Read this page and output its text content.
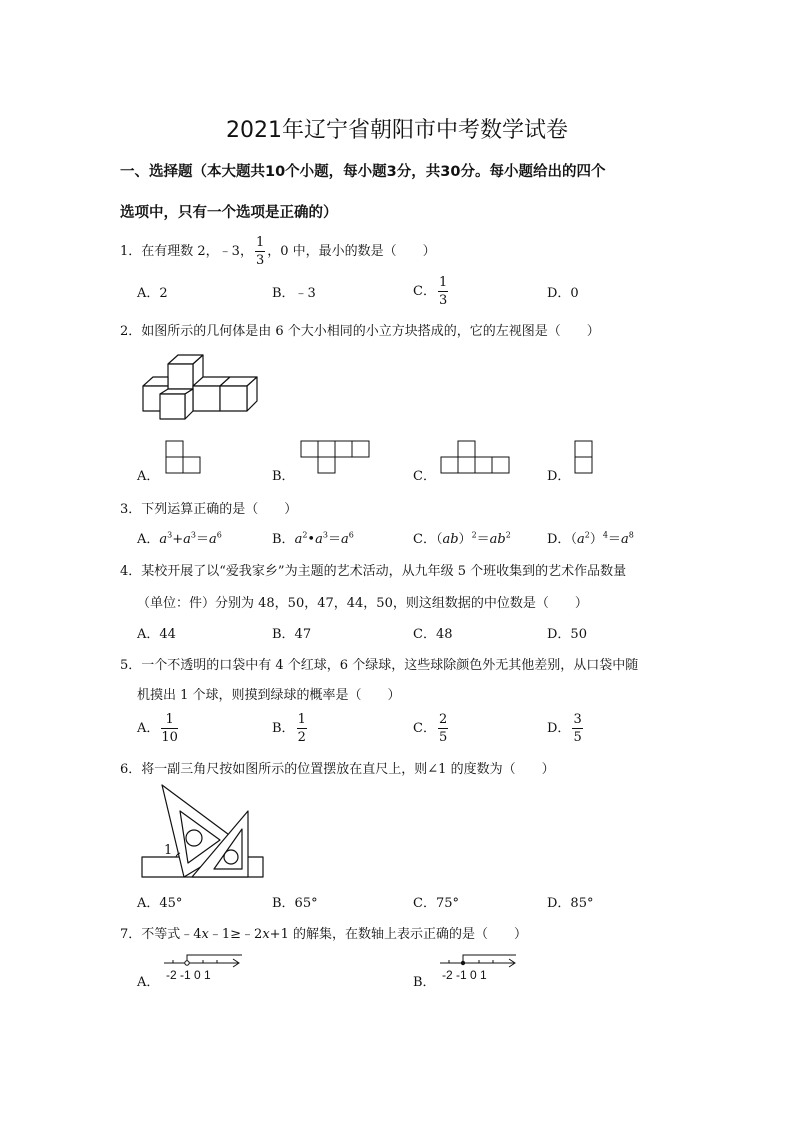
2021年辽宁省朝阳市中考数学试卷
一、选择题（本大题共10个小题，每小题3分，共30分。每小题给出的四个
选项中，只有一个选项是正确的）
1．在有理数 2，﹣3， $\frac{1}{3}$ ，0 中，最小的数是（　　）
A．2	B．﹣3	C． $\frac{1}{3}$	D．0
2．如图所示的几何体是由 6 个大小相同的小立方块搭成的，它的左视图是（　　）
A．	B．	C．	D．
3．下列运算正确的是（　　）
A．$a^3+a^3=a^6$	B．$a^2•a^3=a^6$	C．$(ab)^2=ab^2$	D．$(a^2)^4=a^8$
4．某校开展了以“爱我家乡”为主题的艺术活动，从九年级 5 个班收集到的艺术作品数量
（单位：件）分别为 48，50，47，44，50，则这组数据的中位数是（　　）
A．44	B．47	C．48	D．50
5．一个不透明的口袋中有 4 个红球，6 个绿球，这些球除颜色外无其他差别，从口袋中随
机摸出 1 个球，则摸到绿球的概率是（　　）
A． $\frac{1}{10}$	B． $\frac{1}{2}$	C． $\frac{2}{5}$	D． $\frac{3}{5}$
6．将一副三角尺按如图所示的位置摆放在直尺上，则∠1 的度数为（　　）
1
A．45°	B．65°	C．75°	D．85°
7．不等式﹣4x﹣1≥﹣2x+1 的解集，在数轴上表示正确的是（　　）
A． -2 -1 0 1	B． -2 -1 0 1
